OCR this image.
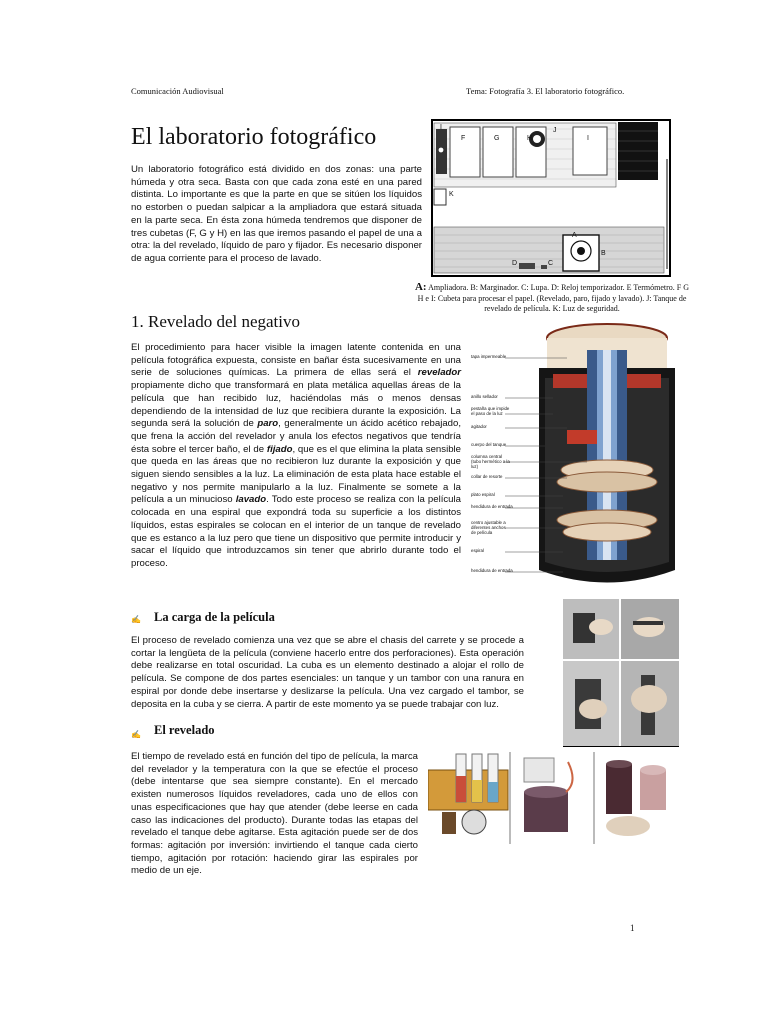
Comunicación Audiovisual	Tema: Fotografía 3. El laboratorio fotográfico.
El laboratorio fotográfico
Un laboratorio fotográfico está dividido en dos zonas: una parte húmeda y otra seca. Basta con que cada zona esté en una pared distinta. Lo importante es que la parte en que se sitúen los líquidos no estorben o puedan salpicar a la ampliadora que estará situada en la parte seca. En ésta zona húmeda tendremos que disponer de tres cubetas (F, G y H) en las que iremos pasando el papel de una a otra: la del revelado, líquido de paro y fijador. Es necesario disponer de agua corriente para el proceso de lavado.
I
F	G	H
J
I
K
D	C
A
B
A: Ampliadora. B: Marginador. C: Lupa. D: Reloj temporizador. E Termómetro. F G H e I: Cubeta para procesar el papel. (Revelado, paro, fijado y lavado). J: Tanque de revelado de película. K: Luz de seguridad.
1. Revelado del negativo
El procedimiento para hacer visible la imagen latente contenida en una película fotográfica expuesta, consiste en bañar ésta sucesivamente en una serie de soluciones químicas. La primera de ellas será el revelador propiamente dicho que transformará en plata metálica aquellas áreas de la película que han recibido luz, haciéndolas más o menos densas dependiendo de la intensidad de luz que recibiera durante la exposición. La segunda será la solución de paro, generalmente un ácido acético rebajado, que frena la acción del revelador y anula los efectos negativos que tendría ésta sobre el tercer baño, el de fijado, que es el que elimina la plata sensible que queda en las áreas que no recibieron luz durante la exposición y que siguen siendo sensibles a la luz. La eliminación de esta plata hace estable el negativo y nos permite manipularlo a la luz. Finalmente se somete a la película a un minucioso lavado. Todo este proceso se realiza con la película colocada en una espiral que expondrá toda su superficie a los distintos líquidos, estas espirales se colocan en el interior de un tanque de revelado que es estanco a la luz pero que tiene un dispositivo que permite introducir y sacar el líquido que introduzcamos sin tener que abrirlo durante todo el proceso.
tapa impermeable
anillo sellador
pestaña que impide el paso de la luz
agitador
cuerpo del tanque
columna central (tubo hermético a la luz)
collar de resorte
plato espiral
hendidura de entrada
centro ajustable a diferentes anchos de película
espiral
hendidura de entrada
✍ La carga de la película
El proceso de revelado comienza una vez que se abre el chasis del carrete y se procede a cortar la lengüeta de la película (conviene hacerlo entre dos perforaciones). Esta operación debe realizarse en total oscuridad. La cuba es un elemento destinado a alojar el rollo de película. Se compone de dos partes esenciales: un tanque y un tambor con una ranura en espiral por donde debe insertarse y deslizarse la película. Una vez cargado el tambor, se deposita en la cuba y se cierra. A partir de este momento ya se puede trabajar con luz.
✍ El revelado
El tiempo de revelado está en función del tipo de película, la marca del revelador y la temperatura con la que se efectúe el proceso (debe intentarse que sea siempre constante). En el mercado existen numerosos líquidos reveladores, cada uno de ellos con unas especificaciones que hay que atender (debe leerse en cada caso las indicaciones del producto). Durante todas las etapas del revelado el tanque debe agitarse. Esta agitación puede ser de dos formas: agitación por inversión: invirtiendo el tanque cada cierto tiempo, agitación por rotación: haciendo girar las espirales por medio de un eje.
1
